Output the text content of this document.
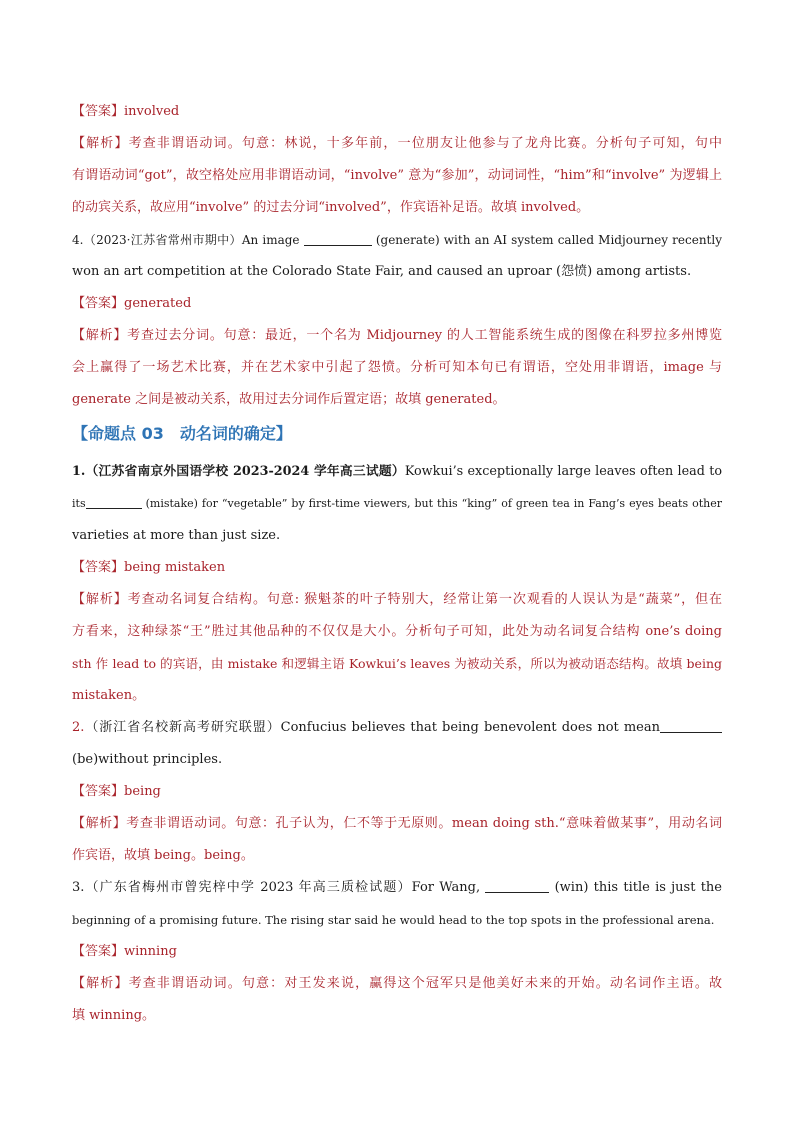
【答案】involved
【解析】考查非谓语动词。句意：林说，十多年前，一位朋友让他参与了龙舟比赛。分析句子可知，句中
有谓语动词“got”，故空格处应用非谓语动词，“involve” 意为“参加”，动词词性，“him”和“involve” 为逻辑上
的动宾关系，故应用“involve” 的过去分词“involved”，作宾语补足语。故填 involved。
4.（2023·江苏省常州市期中）An image	(generate) with an AI system called Midjourney recently
won an art competition at the Colorado State Fair, and caused an uproar (怨愤) among artists.
【答案】generated
【解析】考查过去分词。句意：最近，一个名为 Midjourney 的人工智能系统生成的图像在科罗拉多州博览
会上赢得了一场艺术比赛，并在艺术家中引起了怨愤。分析可知本句已有谓语，空处用非谓语，image 与
generate 之间是被动关系，故用过去分词作后置定语；故填 generated。
【命题点 03　动名词的确定】
1.（江苏省南京外国语学校 2023-2024 学年高三试题）Kowkui’s exceptionally large leaves often lead to
its	(mistake) for “vegetable” by first-time viewers, but this “king” of green tea in Fang’s eyes beats other
varieties at more than just size.
【答案】being mistaken
【解析】考查动名词复合结构。句意: 猴魁茶的叶子特别大，经常让第一次观看的人误认为是“蔬菜”，但在
方看来，这种绿茶“王”胜过其他品种的不仅仅是大小。分析句子可知，此处为动名词复合结构 one’s doing
sth 作 lead to 的宾语，由 mistake 和逻辑主语 Kowkui’s leaves 为被动关系，所以为被动语态结构。故填 being
mistaken。
2.（浙江省名校新高考研究联盟）Confucius believes that being benevolent does not mean
(be)without principles.
【答案】being
【解析】考查非谓语动词。句意：孔子认为，仁不等于无原则。mean doing sth.“意味着做某事”，用动名词
作宾语，故填 being。being。
3.（广东省梅州市曾宪梓中学 2023 年高三质检试题）For Wang,	(win) this title is just the
beginning of a promising future. The rising star said he would head to the top spots in the professional arena.
【答案】winning
【解析】考查非谓语动词。句意：对王发来说，赢得这个冠军只是他美好未来的开始。动名词作主语。故
填 winning。
